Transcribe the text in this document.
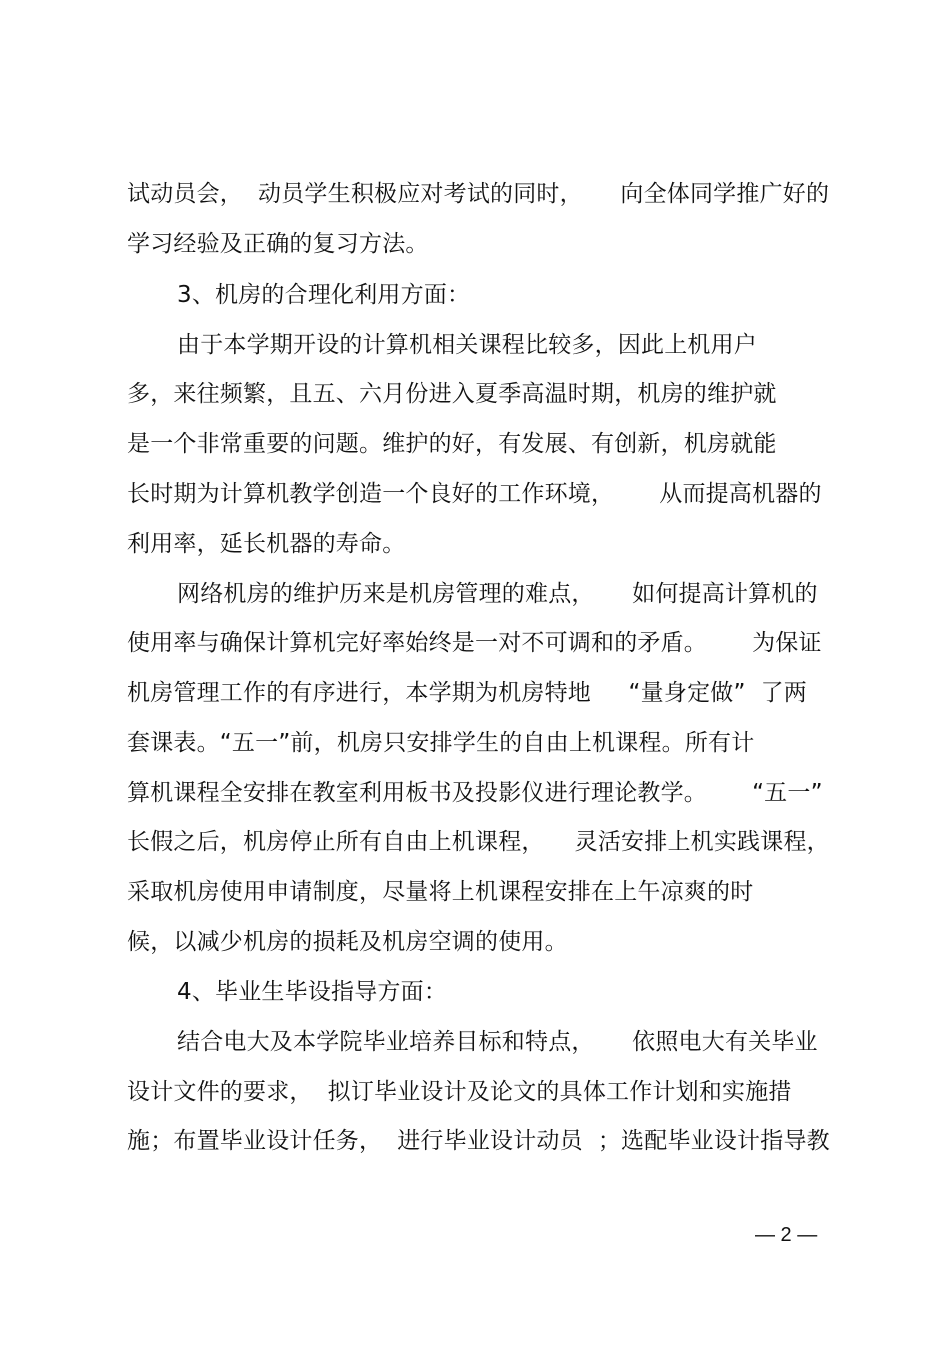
试动员会，  动员学生积极应对考试的同时，     向全体同学推广好的
学习经验及正确的复习方法。
3、机房的合理化利用方面：
由于本学期开设的计算机相关课程比较多，因此上机用户
多，来往频繁，且五、六月份进入夏季高温时期，机房的维护就
是一个非常重要的问题。维护的好，有发展、有创新，机房就能
长时期为计算机教学创造一个良好的工作环境，      从而提高机器的
利用率，延长机器的寿命。
网络机房的维护历来是机房管理的难点，     如何提高计算机的
使用率与确保计算机完好率始终是一对不可调和的矛盾。      为保证
机房管理工作的有序进行，本学期为机房特地     “量身定做”  了两
套课表。“五一”前，机房只安排学生的自由上机课程。所有计
算机课程全安排在教室利用板书及投影仪进行理论教学。      “五一”
长假之后，机房停止所有自由上机课程，    灵活安排上机实践课程，
采取机房使用申请制度，尽量将上机课程安排在上午凉爽的时
候，以减少机房的损耗及机房空调的使用。
4、毕业生毕设指导方面：
结合电大及本学院毕业培养目标和特点，     依照电大有关毕业
设计文件的要求，  拟订毕业设计及论文的具体工作计划和实施措
施；布置毕业设计任务，  进行毕业设计动员  ；选配毕业设计指导教
— 2 —
